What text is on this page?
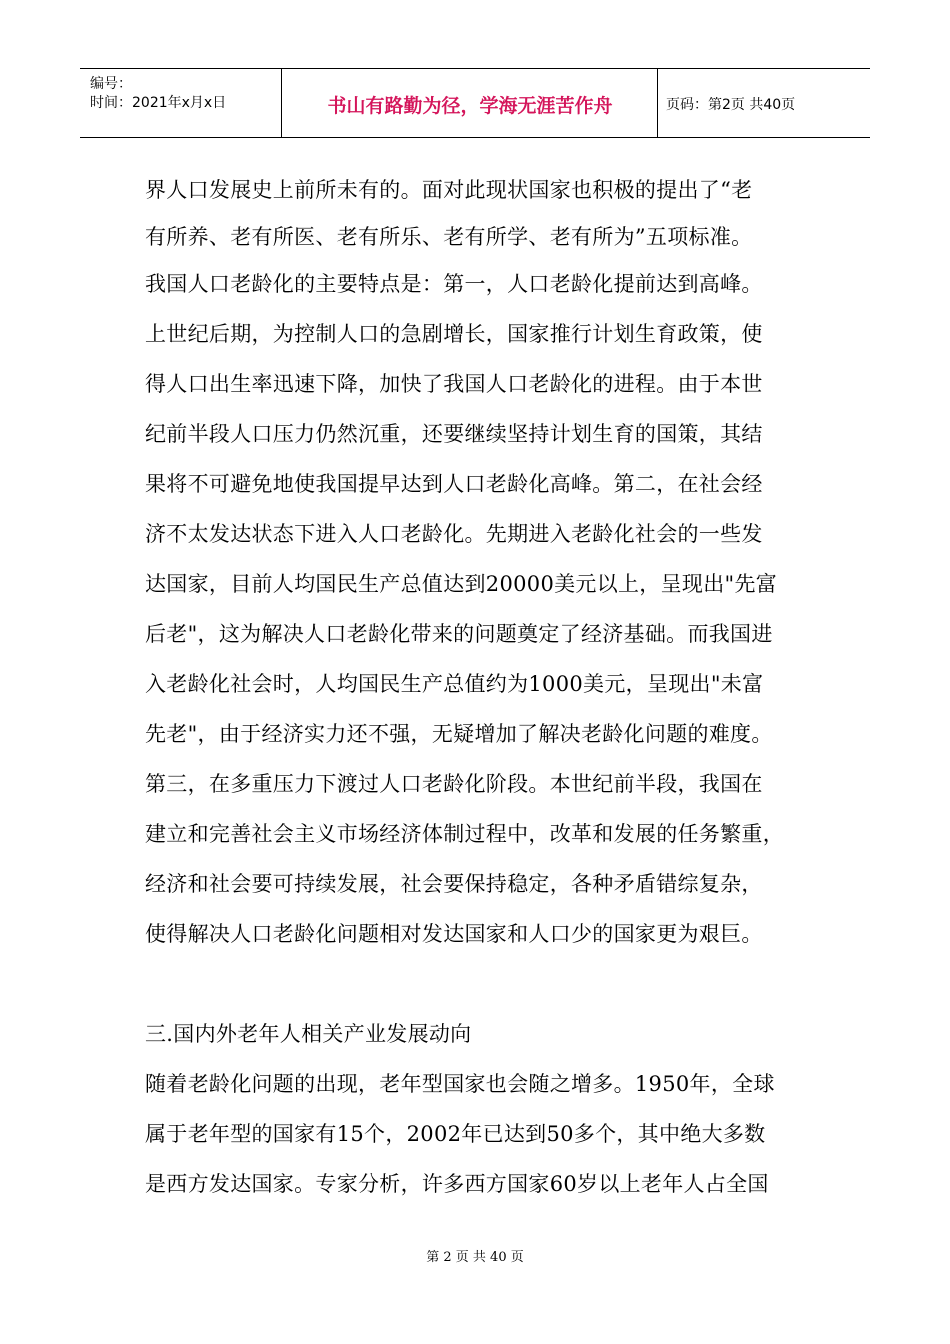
编号：
时间：2021年x月x日	书山有路勤为径，学海无涯苦作舟	页码：第2页 共40页
界人口发展史上前所未有的。面对此现状国家也积极的提出了“老
有所养、老有所医、老有所乐、老有所学、老有所为”五项标准。
我国人口老龄化的主要特点是：第一，人口老龄化提前达到高峰。
上世纪后期，为控制人口的急剧增长，国家推行计划生育政策，使
得人口出生率迅速下降，加快了我国人口老龄化的进程。由于本世
纪前半段人口压力仍然沉重，还要继续坚持计划生育的国策，其结
果将不可避免地使我国提早达到人口老龄化高峰。第二，在社会经
济不太发达状态下进入人口老龄化。先期进入老龄化社会的一些发
达国家，目前人均国民生产总值达到20000美元以上，呈现出"先富
后老"，这为解决人口老龄化带来的问题奠定了经济基础。而我国进
入老龄化社会时，人均国民生产总值约为1000美元，呈现出"未富
先老"，由于经济实力还不强，无疑增加了解决老龄化问题的难度。
第三，在多重压力下渡过人口老龄化阶段。本世纪前半段，我国在
建立和完善社会主义市场经济体制过程中，改革和发展的任务繁重，
经济和社会要可持续发展，社会要保持稳定，各种矛盾错综复杂，
使得解决人口老龄化问题相对发达国家和人口少的国家更为艰巨。
三.国内外老年人相关产业发展动向
随着老龄化问题的出现，老年型国家也会随之增多。1950年，全球
属于老年型的国家有15个，2002年已达到50多个，其中绝大多数
是西方发达国家。专家分析，许多西方国家60岁以上老年人占全国
第 2 页 共 40 页
